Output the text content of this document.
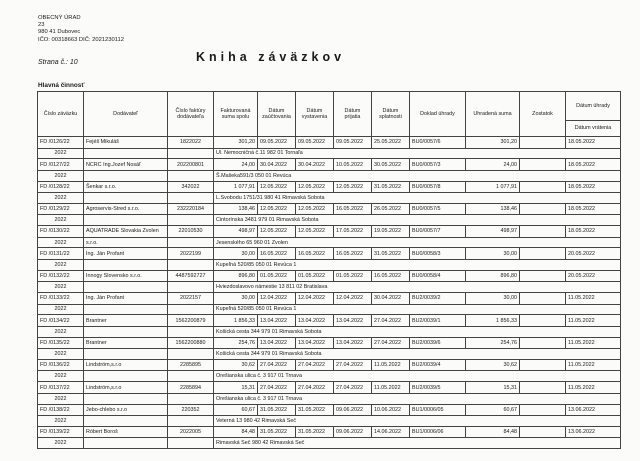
OBECNÝ ÚRAD
23
980 41 Dubovec
IČO: 00318663 DIČ: 2021230112
Strana č.: 10	Kniha záväzkov
Hlavná činnosť
Číslo záväzku	Dodávateľ	Číslo faktúry dodávateľa	Fakturovaná suma spolu	Dátum zaúčtovania	Dátum vystavenia	Dátum prijatia	Dátum splatnosti	Doklad úhrady	Uhradená suma	Zostatok	Dátum úhrady
											Dátum vrátenia
FD /0126/22	Fejéš Mikuláš	1822022	301,20	09.05.2022	09.05.2022	09.05.2022	25.05.2022	BU0/0057/6	301,20		18.05.2022
2022			Ul. Nemocničná č.11 982 01 Tornaľa								
FD /0127/22	NCRC Ing.Jozef Nosáľ	202200801	24,00	30.04.2022	30.04.2022	10.05.2022	30.05.2022	BU0/0057/3	24,00		18.05.2022
2022			Š.Mašeka591/3 050 01 Revúca								
FD /0128/22	Šenkar s.r.o.	342022	1 077,91	12.05.2022	12.05.2022	12.05.2022	31.05.2022	BU0/0057/8	1 077,91		18.05.2022
2022			L.Svobodu 1751/31 980 41 Rimavská Sobota								
FD /0129/22	Agroservis-Stred s.r.o.	232220184	138,46	12.05.2022	12.05.2022	16.05.2022	26.05.2022	BU0/0057/5	138,46		18.05.2022
2022			Cintorínska 3481 979 01 Rimavská Sobota								
FD /0130/22	AQUATRADE Slovakia Zvolen	22010530	498,97	12.05.2022	12.05.2022	17.05.2022	19.05.2022	BU0/0057/7	498,97		18.05.2022
2022	s.r.o.		Jesenského 65 960 01 Zvolen								
FD /0131/22	Ing. Ján Profant	2022199	30,00	16.05.2022	16.05.2022	16.05.2022	31.05.2022	BU0/0058/3	30,00		20.05.2022
2022			Kupeľná 520/85 050 01 Revúca 1								
FD /0132/22	Innogy Slovensko s.r.o.	4487592727	896,80	01.05.2022	01.05.2022	01.05.2022	16.05.2022	BU0/0058/4	896,80		20.05.2022
2022			Hviezdoslavovo námestie 13 811 02 Bratislava								
FD /0133/22	Ing. Ján Profant	2022157	30,00	12.04.2022	12.04.2022	12.04.2022	30.04.2022	BU2/0039/2	30,00		11.05.2022
2022			Kupeľná 520/85 050 01 Revúca 1								
FD /0134/22	Brantner	1562200879	1 856,33	13.04.2022	13.04.2022	13.04.2022	27.04.2022	BU2/0039/1	1 856,33		11.05.2022
2022			Košická cesta 344 979 01 Rimavská Sobota								
FD /0135/22	Brantner	1562200880	254,76	13.04.2022	13.04.2022	13.04.2022	27.04.2022	BU2/0039/6	254,76		11.05.2022
2022			Košická cesta 344 979 01 Rimavská Sobota								
FD /0136/22	Lindström,s.r.o	2285895	30,62	27.04.2022	27.04.2022	27.04.2022	11.05.2022	BU2/0039/4	30,62		11.05.2022
2022			Orešianska ulica č. 3 917 01 Trnava								
FD /0137/22	Lindström,s.r.o	2285894	15,31	27.04.2022	27.04.2022	27.04.2022	11.05.2022	BU2/0039/5	15,31		11.05.2022
2022			Orešianska ulica č. 3 917 01 Trnava								
FD /0138/22	Jebo-chlebo s.r.o	220352	60,67	31.05.2022	31.05.2022	09.06.2022	10.06.2022	BU1/0006/05	60,67		13.06.2022
2022			Veterná 13 980 42 Rimavská Seč								
FD /0139/22	Róbert Boroš	2022005	84,48	31.05.2022	31.05.2022	09.06.2022	14.06.2022	BU1/0006/06	84,48		13.06.2022
2022			Rimavská Seč 980 42 Rimavská Seč								
